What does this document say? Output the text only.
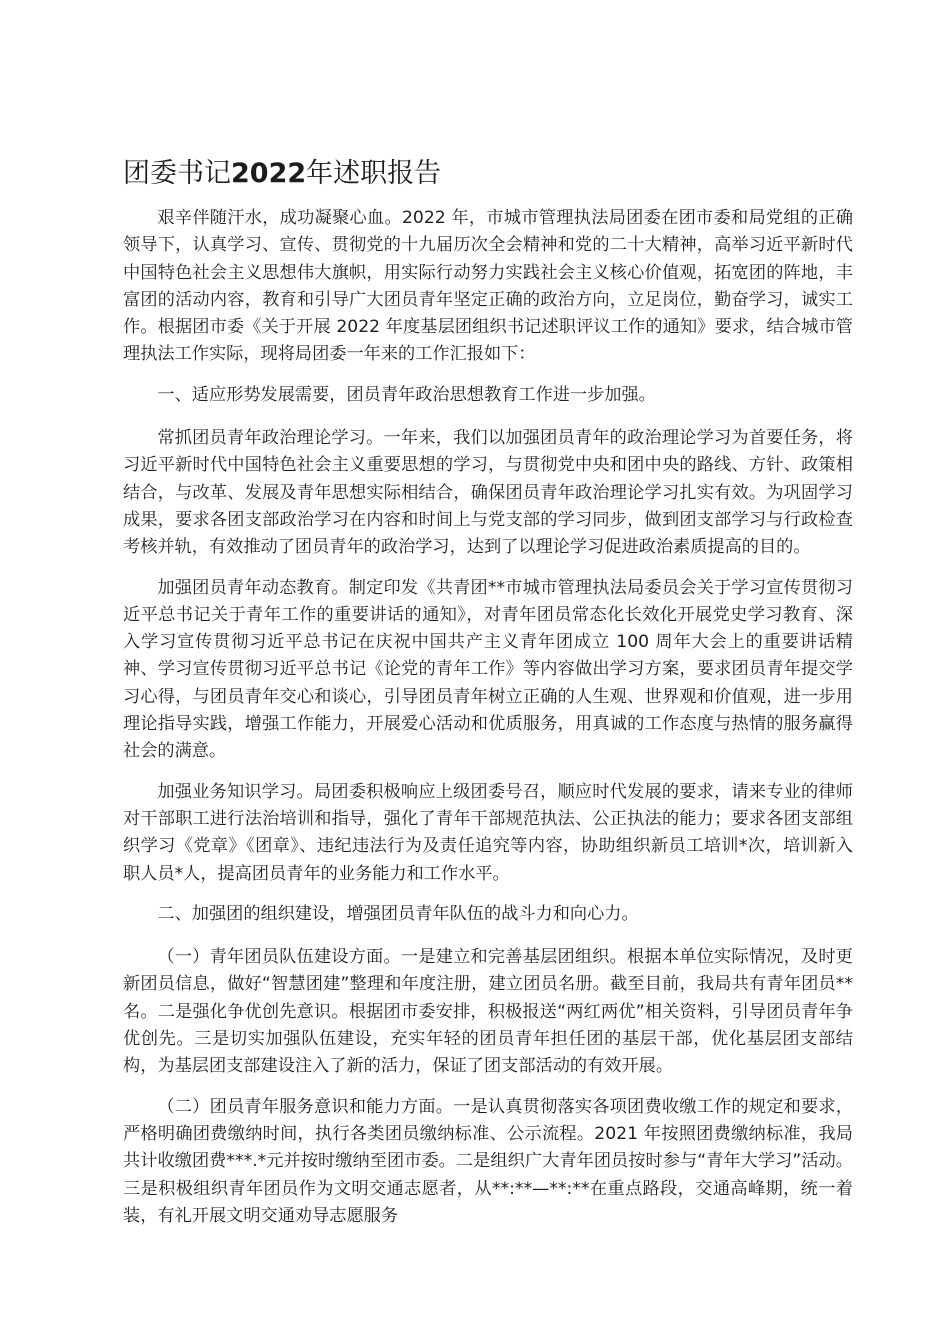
团委书记2022年述职报告

艰辛伴随汗水，成功凝聚心血。2022 年，市城市管理执法局团委在团市委和局党组的正确领导下，认真学习、宣传、贯彻党的十九届历次全会精神和党的二十大精神，高举习近平新时代中国特色社会主义思想伟大旗帜，用实际行动努力实践社会主义核心价值观，拓宽团的阵地，丰富团的活动内容，教育和引导广大团员青年坚定正确的政治方向，立足岗位，勤奋学习，诚实工作。根据团市委《关于开展 2022 年度基层团组织书记述职评议工作的通知》要求，结合城市管理执法工作实际，现将局团委一年来的工作汇报如下：

一、适应形势发展需要，团员青年政治思想教育工作进一步加强。

常抓团员青年政治理论学习。一年来，我们以加强团员青年的政治理论学习为首要任务，将习近平新时代中国特色社会主义重要思想的学习，与贯彻党中央和团中央的路线、方针、政策相结合，与改革、发展及青年思想实际相结合，确保团员青年政治理论学习扎实有效。为巩固学习成果，要求各团支部政治学习在内容和时间上与党支部的学习同步，做到团支部学习与行政检查考核并轨，有效推动了团员青年的政治学习，达到了以理论学习促进政治素质提高的目的。

加强团员青年动态教育。制定印发《共青团**市城市管理执法局委员会关于学习宣传贯彻习近平总书记关于青年工作的重要讲话的通知》，对青年团员常态化长效化开展党史学习教育、深入学习宣传贯彻习近平总书记在庆祝中国共产主义青年团成立 100 周年大会上的重要讲话精神、学习宣传贯彻习近平总书记《论党的青年工作》等内容做出学习方案，要求团员青年提交学习心得，与团员青年交心和谈心，引导团员青年树立正确的人生观、世界观和价值观，进一步用理论指导实践，增强工作能力，开展爱心活动和优质服务，用真诚的工作态度与热情的服务赢得社会的满意。

加强业务知识学习。局团委积极响应上级团委号召，顺应时代发展的要求，请来专业的律师对干部职工进行法治培训和指导，强化了青年干部规范执法、公正执法的能力；要求各团支部组织学习《党章》《团章》、违纪违法行为及责任追究等内容，协助组织新员工培训*次，培训新入职人员*人，提高团员青年的业务能力和工作水平。

二、加强团的组织建设，增强团员青年队伍的战斗力和向心力。

（一）青年团员队伍建设方面。一是建立和完善基层团组织。根据本单位实际情况，及时更新团员信息，做好“智慧团建”整理和年度注册，建立团员名册。截至目前，我局共有青年团员**名。二是强化争优创先意识。根据团市委安排，积极报送“两红两优”相关资料，引导团员青年争优创先。三是切实加强队伍建设，充实年轻的团员青年担任团的基层干部，优化基层团支部结构，为基层团支部建设注入了新的活力，保证了团支部活动的有效开展。

（二）团员青年服务意识和能力方面。一是认真贯彻落实各项团费收缴工作的规定和要求，严格明确团费缴纳时间，执行各类团员缴纳标准、公示流程。2021 年按照团费缴纳标准，我局共计收缴团费***.*元并按时缴纳至团市委。二是组织广大青年团员按时参与“青年大学习”活动。三是积极组织青年团员作为文明交通志愿者，从**:**—**:**在重点路段，交通高峰期，统一着装，有礼开展文明交通劝导志愿服务
